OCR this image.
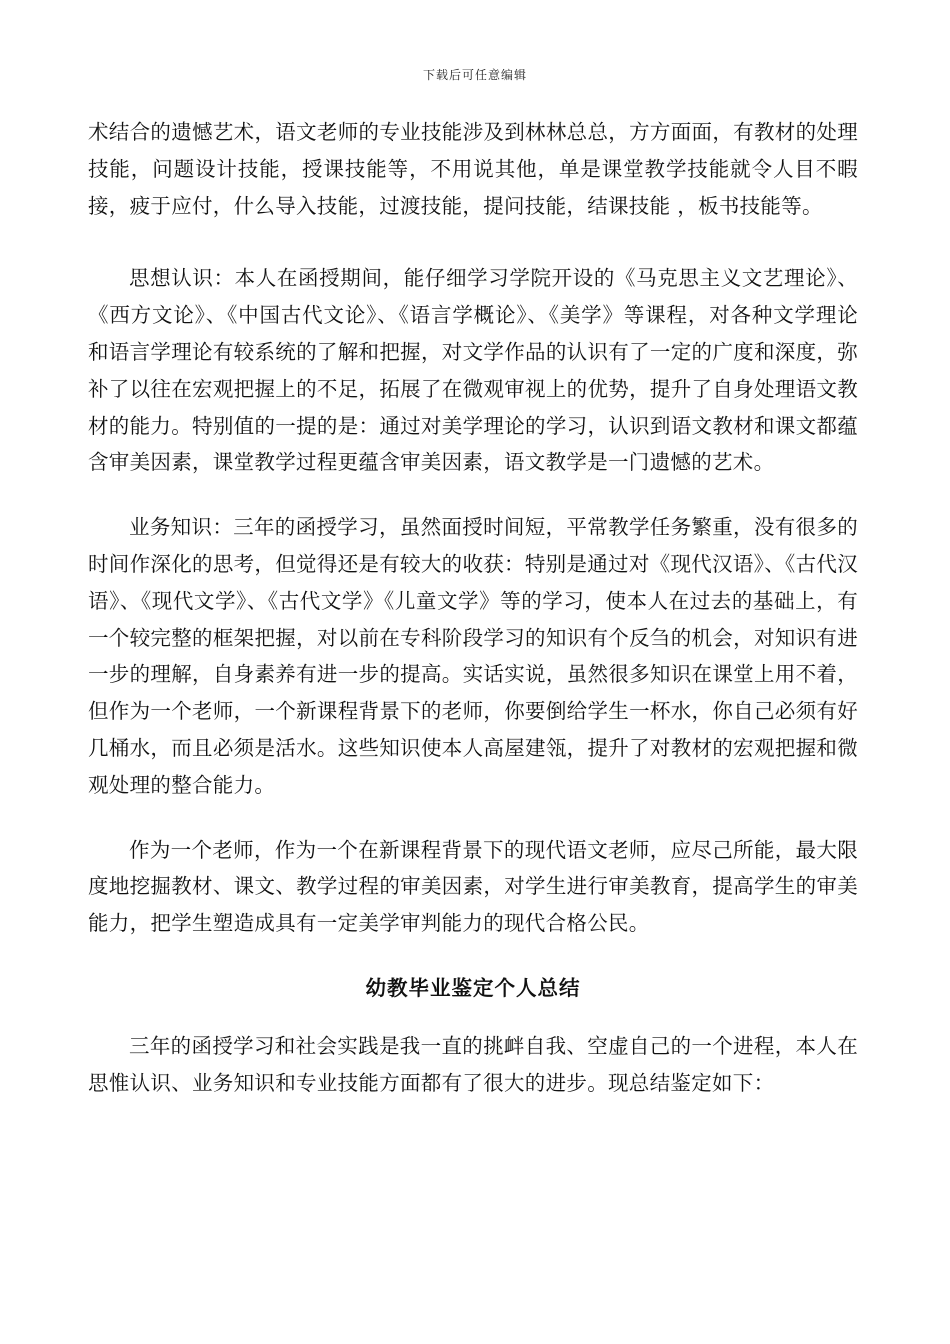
下载后可任意编辑

术结合的遗憾艺术，语文老师的专业技能涉及到林林总总，方方面面，有教材的处理技能，问题设计技能，授课技能等，不用说其他，单是课堂教学技能就令人目不暇接，疲于应付，什么导入技能，过渡技能，提问技能，结课技能 ，板书技能等。

思想认识：本人在函授期间，能仔细学习学院开设的《马克思主义文艺理论》、《西方文论》、《中国古代文论》、《语言学概论》、《美学》等课程，对各种文学理论和语言学理论有较系统的了解和把握，对文学作品的认识有了一定的广度和深度，弥补了以往在宏观把握上的不足，拓展了在微观审视上的优势，提升了自身处理语文教材的能力。特别值的一提的是：通过对美学理论的学习，认识到语文教材和课文都蕴含审美因素，课堂教学过程更蕴含审美因素，语文教学是一门遗憾的艺术。

业务知识：三年的函授学习，虽然面授时间短，平常教学任务繁重，没有很多的时间作深化的思考，但觉得还是有较大的收获：特别是通过对《现代汉语》、《古代汉语》、《现代文学》、《古代文学》《儿童文学》等的学习，使本人在过去的基础上，有一个较完整的框架把握，对以前在专科阶段学习的知识有个反刍的机会，对知识有进一步的理解，自身素养有进一步的提高。实话实说，虽然很多知识在课堂上用不着，但作为一个老师，一个新课程背景下的老师，你要倒给学生一杯水，你自己必须有好几桶水，而且必须是活水。这些知识使本人高屋建瓴，提升了对教材的宏观把握和微观处理的整合能力。

作为一个老师，作为一个在新课程背景下的现代语文老师，应尽己所能，最大限度地挖掘教材、课文、教学过程的审美因素，对学生进行审美教育，提高学生的审美能力，把学生塑造成具有一定美学审判能力的现代合格公民。

幼教毕业鉴定个人总结

三年的函授学习和社会实践是我一直的挑衅自我、空虚自己的一个进程，本人在思惟认识、业务知识和专业技能方面都有了很大的进步。现总结鉴定如下：
